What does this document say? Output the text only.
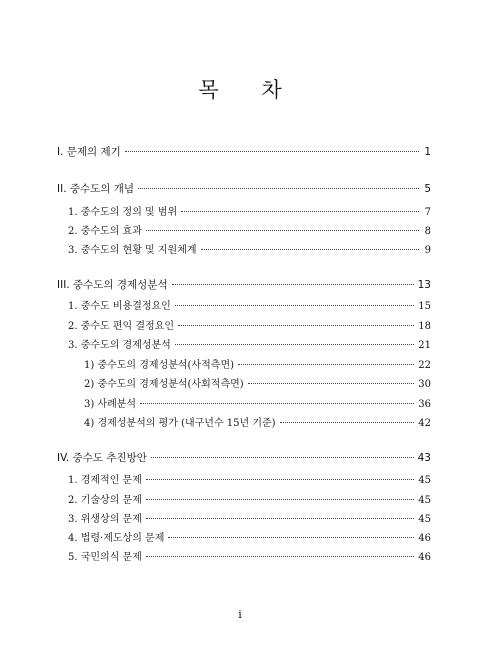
목 차
I. 문제의 제기	1
II. 중수도의 개념	5
1. 중수도의 정의 및 범위	7
2. 중수도의 효과	8
3. 중수도의 현황 및 지원체계	9
III. 중수도의 경제성분석	13
1. 중수도 비용결정요인	15
2. 중수도 편익 결정요인	18
3. 중수도의 경제성분석	21
1) 중수도의 경제성분석(사적측면)	22
2) 중수도의 경제성분석(사회적측면)	30
3) 사례분석	36
4) 경제성분석의 평가 (내구년수 15년 기준)	42
IV. 중수도 추진방안	43
1. 경제적인 문제	45
2. 기술상의 문제	45
3. 위생상의 문제	45
4. 법령·제도상의 문제	46
5. 국민의식 문제	46
i
